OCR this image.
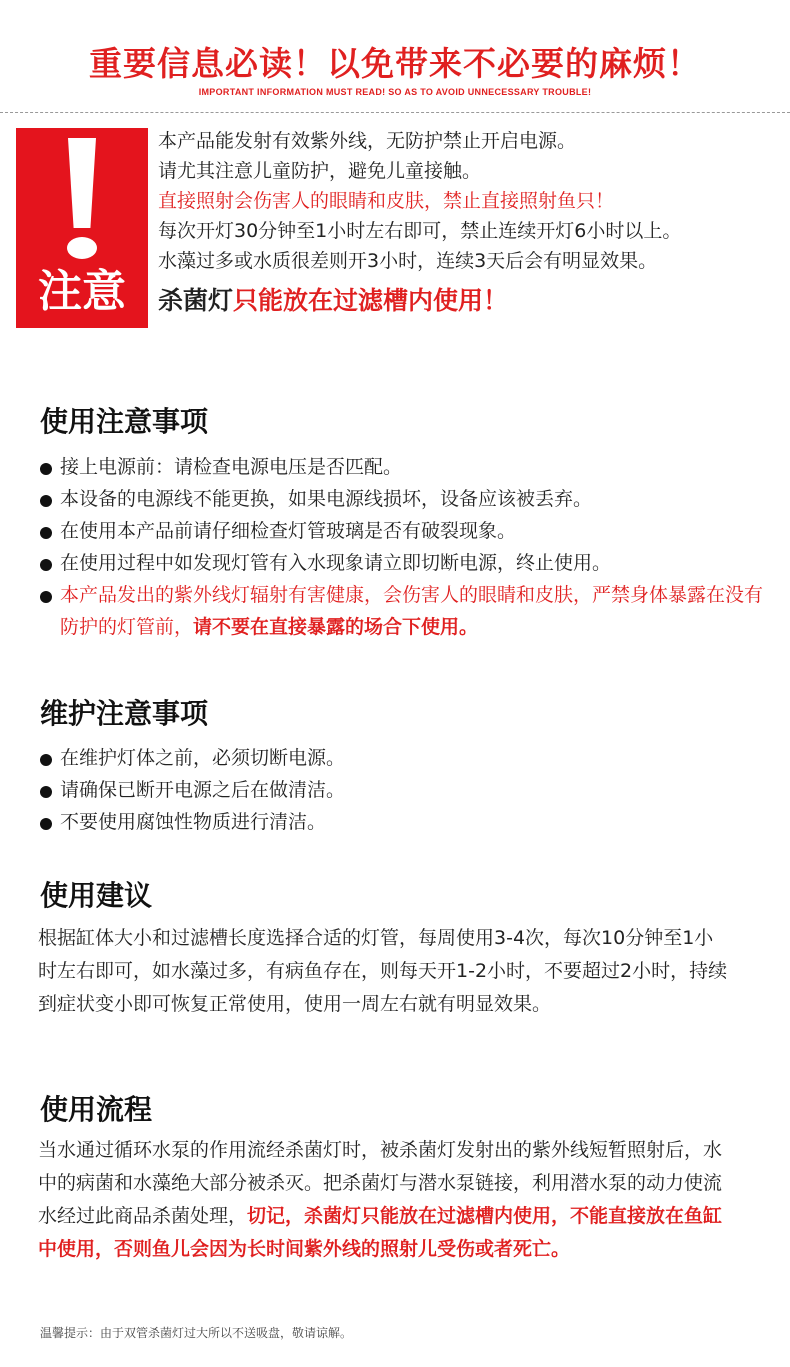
重要信息必读！以免带来不必要的麻烦！
IMPORTANT INFORMATION MUST READ! SO AS TO AVOID UNNECESSARY TROUBLE!
注意
本产品能发射有效紫外线，无防护禁止开启电源。
请尤其注意儿童防护，避免儿童接触。
直接照射会伤害人的眼睛和皮肤，禁止直接照射鱼只！
每次开灯30分钟至1小时左右即可，禁止连续开灯6小时以上。
水藻过多或水质很差则开3小时，连续3天后会有明显效果。
杀菌灯只能放在过滤槽内使用！
使用注意事项
接上电源前：请检查电源电压是否匹配。
本设备的电源线不能更换，如果电源线损坏，设备应该被丢弃。
在使用本产品前请仔细检查灯管玻璃是否有破裂现象。
在使用过程中如发现灯管有入水现象请立即切断电源，终止使用。
本产品发出的紫外线灯辐射有害健康，会伤害人的眼睛和皮肤，严禁身体暴露在没有防护的灯管前，请不要在直接暴露的场合下使用。
维护注意事项
在维护灯体之前，必须切断电源。
请确保已断开电源之后在做清洁。
不要使用腐蚀性物质进行清洁。
使用建议
根据缸体大小和过滤槽长度选择合适的灯管，每周使用3-4次，每次10分钟至1小时左右即可，如水藻过多，有病鱼存在，则每天开1-2小时，不要超过2小时，持续到症状变小即可恢复正常使用，使用一周左右就有明显效果。
使用流程
当水通过循环水泵的作用流经杀菌灯时，被杀菌灯发射出的紫外线短暂照射后，水中的病菌和水藻绝大部分被杀灭。把杀菌灯与潜水泵链接，利用潜水泵的动力使流水经过此商品杀菌处理，切记，杀菌灯只能放在过滤槽内使用，不能直接放在鱼缸中使用，否则鱼儿会因为长时间紫外线的照射儿受伤或者死亡。
温馨提示：由于双管杀菌灯过大所以不送吸盘，敬请谅解。
